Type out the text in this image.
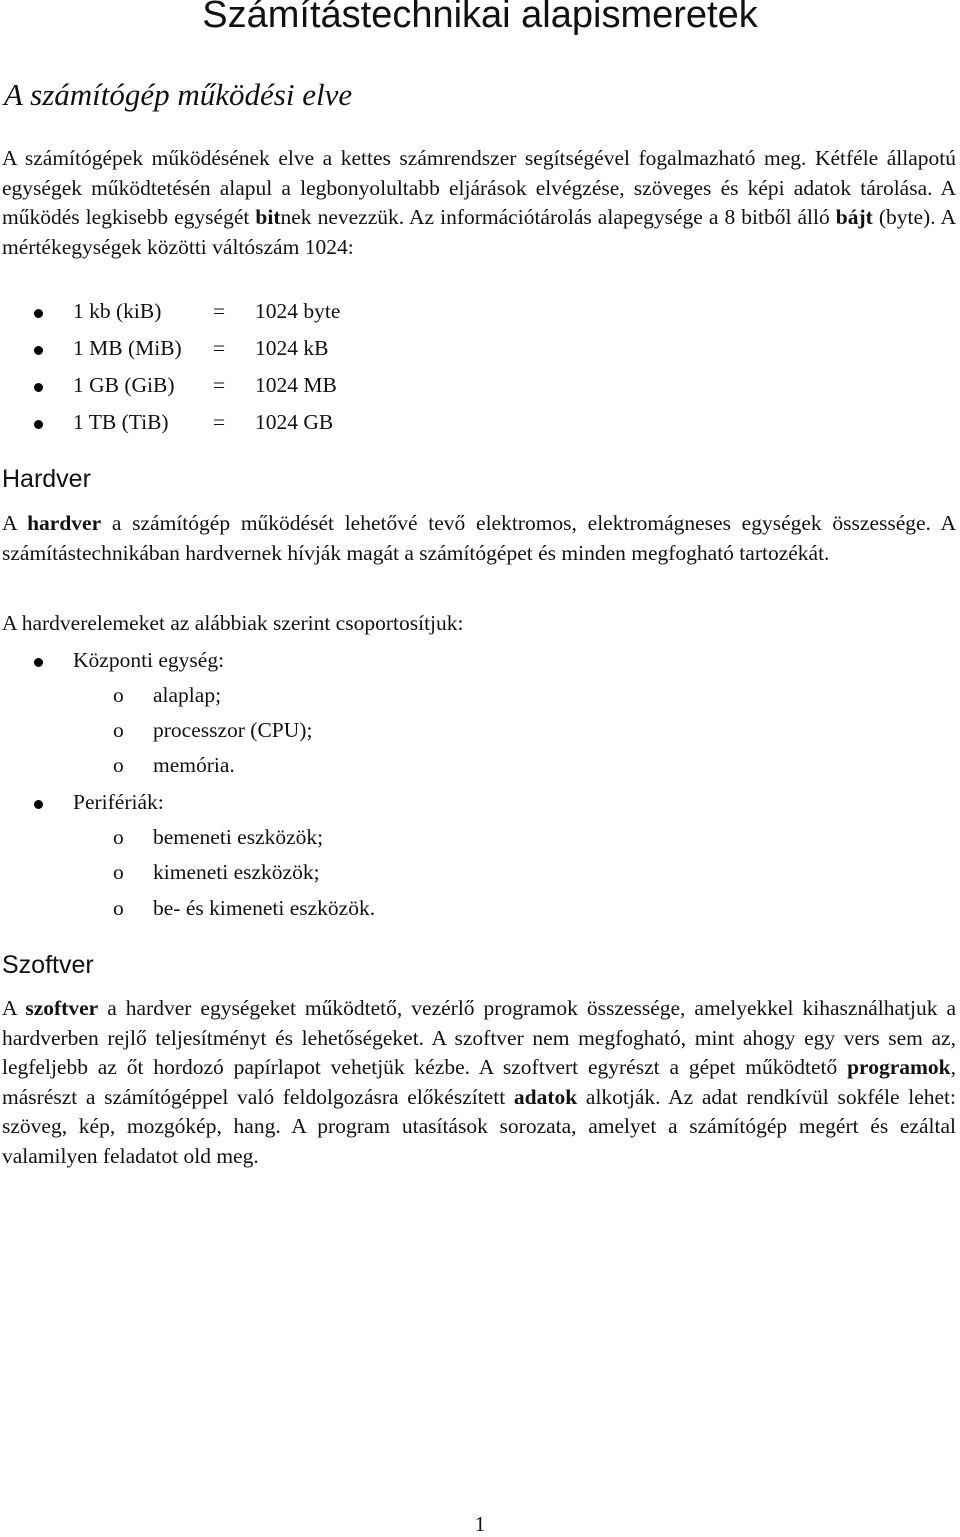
Számítástechnikai alapismeretek
A számítógép működési elve

A számítógépek működésének elve a kettes számrendszer segítségével fogalmazható meg. Kétféle állapotú egységek működtetésén alapul a legbonyolultabb eljárások elvégzése, szöveges és képi adatok tárolása. A működés legkisebb egységét bitnek nevezzük. Az információtárolás alapegysége a 8 bitből álló bájt (byte). A mértékegységek közötti váltószám 1024:

1 kb (kiB) = 1024 byte
1 MB (MiB) = 1024 kB
1 GB (GiB) = 1024 MB
1 TB (TiB) = 1024 GB
Hardver

A hardver a számítógép működését lehetővé tevő elektromos, elektromágneses egységek összessége. A számítástechnikában hardvernek hívják magát a számítógépet és minden megfogható tartozékát.

A hardverelemeket az alábbiak szerint csoportosítjuk:

Központi egység:
o alaplap;
o processzor (CPU);
o memória.
Perifériák:
o bemeneti eszközök;
o kimeneti eszközök;
o be- és kimeneti eszközök.
Szoftver

A szoftver a hardver egységeket működtető, vezérlő programok összessége, amelyekkel kihasználhatjuk a hardverben rejlő teljesítményt és lehetőségeket. A szoftver nem megfogható, mint ahogy egy vers sem az, legfeljebb az őt hordozó papírlapot vehetjük kézbe. A szoftvert egyrészt a gépet működtető programok, másrészt a számítógéppel való feldolgozásra előkészített adatok alkotják. Az adat rendkívül sokféle lehet: szöveg, kép, mozgókép, hang. A program utasítások sorozata, amelyet a számítógép megért és ezáltal valamilyen feladatot old meg.

1
